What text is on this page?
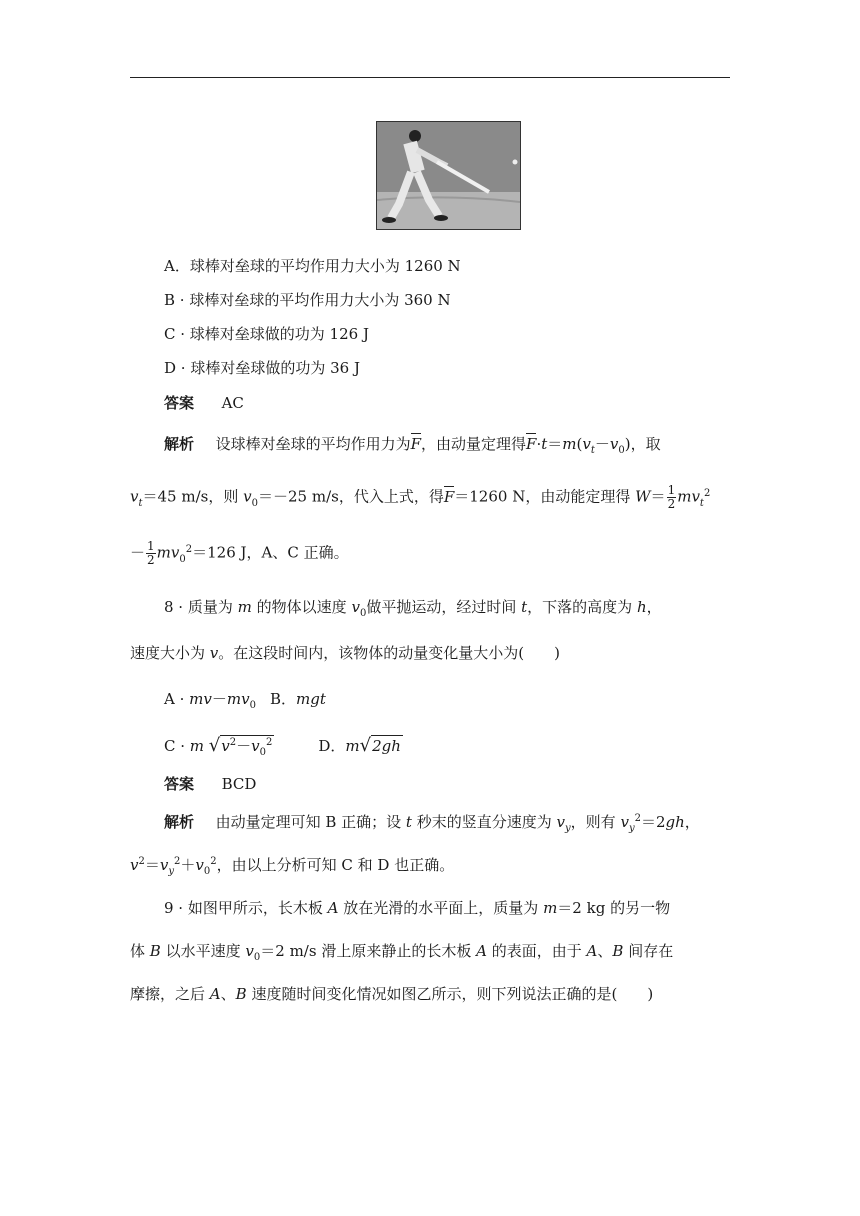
A．球棒对垒球的平均作用力大小为 1260 N
B · 球棒对垒球的平均作用力大小为 360 N
C · 球棒对垒球做的功为 126 J
D · 球棒对垒球做的功为 36 J
答案 AC
解析 设球棒对垒球的平均作用力为F，由动量定理得$F\cdot t=m(v_t-v_0)$，取
$v_t=45$ m/s，则 $v_0=-25$ m/s，代入上式，得F＝1260 N，由动能定理得 $W= \frac{1}{2} mv_t^2$
－ $\frac{1}{2} mv_0^2=126$ J，A、C 正确。
8 · 质量为 m 的物体以速度 $v_0$做平抛运动，经过时间 t，下落的高度为 h，
速度大小为 v。在这段时间内，该物体的动量变化量大小为(　　)
$A \cdot mv-mv_0$ B．mgt
C · m $√v^2-v_0^2$	D．m√2gh
答案 BCD
解析 由动量定理可知 B 正确；设 t 秒末的竖直分速度为 $v_y$，则有 $v_y^2=2gh$，
$v^2=v_y^2+v_0^2$，由以上分析可知 C 和 D 也正确。
9 · 如图甲所示，长木板 A 放在光滑的水平面上，质量为 m＝2 kg 的另一物
体 B 以水平速度 $v_0=2$ m/s 滑上原来静止的长木板 A 的表面，由于 A、B 间存在
摩擦，之后 A、B 速度随时间变化情况如图乙所示，则下列说法正确的是(　　)
